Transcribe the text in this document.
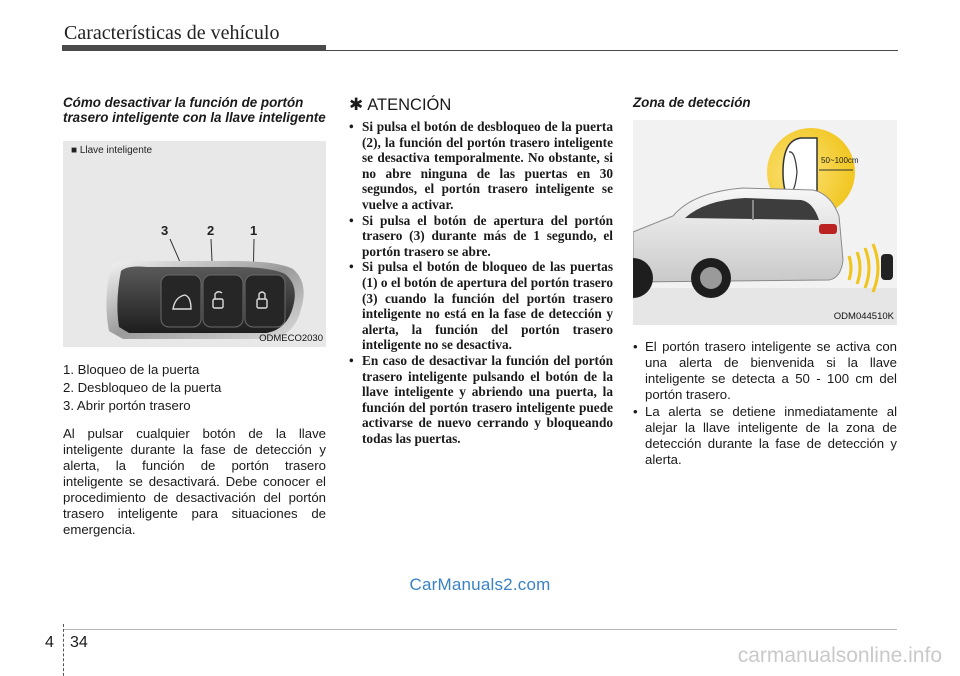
Características de vehículo

Cómo desactivar la función de portón trasero inteligente con la llave inteligente

■ Llave inteligente
3	2	1
ODMECO2030
1. Bloqueo de la puerta
2. Desbloqueo de la puerta
3. Abrir portón trasero

Al pulsar cualquier botón de la llave inteligente durante la fase de detección y alerta, la función de portón trasero inteligente se desactivará. Debe conocer el procedimiento de desactivación del portón trasero inteligente para situaciones de emergencia.

✱ ATENCIÓN
• Si pulsa el botón de desbloqueo de la puerta (2), la función del portón trasero inteligente se desactiva temporalmente. No obstante, si no abre ninguna de las puertas en 30 segundos, el portón trasero inteligente se vuelve a activar.
• Si pulsa el botón de apertura del portón trasero (3) durante más de 1 segundo, el portón trasero se abre.
• Si pulsa el botón de bloqueo de las puertas (1) o el botón de apertura del portón trasero (3) cuando la función del portón trasero inteligente no está en la fase de detección y alerta, la función del portón trasero inteligente no se desactiva.
• En caso de desactivar la función del portón trasero inteligente pulsando el botón de la llave inteligente y abriendo una puerta, la función del portón trasero inteligente puede activarse de nuevo cerrando y bloqueando todas las puertas.

Zona de detección

50~100cm
ODM044510K
• El portón trasero inteligente se activa con una alerta de bienvenida si la llave inteligente se detecta a 50 - 100 cm del portón trasero.
• La alerta se detiene inmediatamente al alejar la llave inteligente de la zona de detección durante la fase de detección y alerta.
CarManuals2.com
4 34
carmanualsonline.info
